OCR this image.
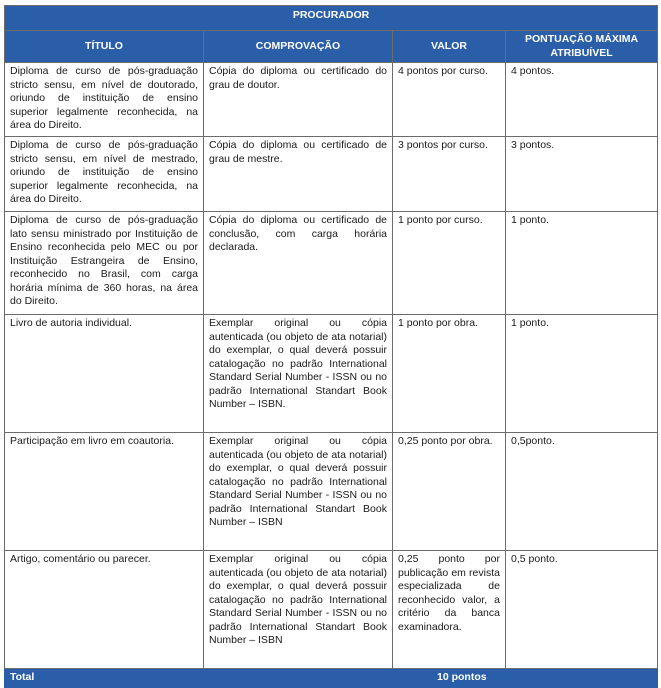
PROCURADOR			
TÍTULO	COMPROVAÇÃO	VALOR	PONTUAÇÃO MÁXIMA ATRIBUÍVEL
Diploma de curso de pós-graduação stricto sensu, em nível de doutorado, oriundo de instituição de ensino superior legalmente reconhecida, na área do Direito.	Cópia do diploma ou certificado do grau de doutor.	4 pontos por curso.	4 pontos.
Diploma de curso de pós-graduação stricto sensu, em nível de mestrado, oriundo de instituição de ensino superior legalmente reconhecida, na área do Direito.	Cópia do diploma ou certificado de grau de mestre.	3 pontos por curso.	3 pontos.
Diploma de curso de pós-graduação lato sensu ministrado por Instituição de Ensino reconhecida pelo MEC ou por Instituição Estrangeira de Ensino, reconhecido no Brasil, com carga horária mínima de 360 horas, na área do Direito.	Cópia do diploma ou certificado de conclusão, com carga horária declarada.	1 ponto por curso.	1 ponto.
Livro de autoria individual.	Exemplar original ou cópia autenticada (ou objeto de ata notarial) do exemplar, o qual deverá possuir catalogação no padrão International Standard Serial Number - ISSN ou no padrão International Standart Book Number – ISBN.	1 ponto por obra.	1 ponto.
Participação em livro em coautoria.	Exemplar original ou cópia autenticada (ou objeto de ata notarial) do exemplar, o qual deverá possuir catalogação no padrão International Standard Serial Number - ISSN ou no padrão International Standart Book Number – ISBN	0,25 ponto por obra.	0,5ponto.
Artigo, comentário ou parecer.	Exemplar original ou cópia autenticada (ou objeto de ata notarial) do exemplar, o qual deverá possuir catalogação no padrão International Standard Serial Number - ISSN ou no padrão International Standart Book Number – ISBN	0,25 ponto por publicação em revista especializada de reconhecido valor, a critério da banca examinadora.	0,5 ponto.
Total		10 pontos	
